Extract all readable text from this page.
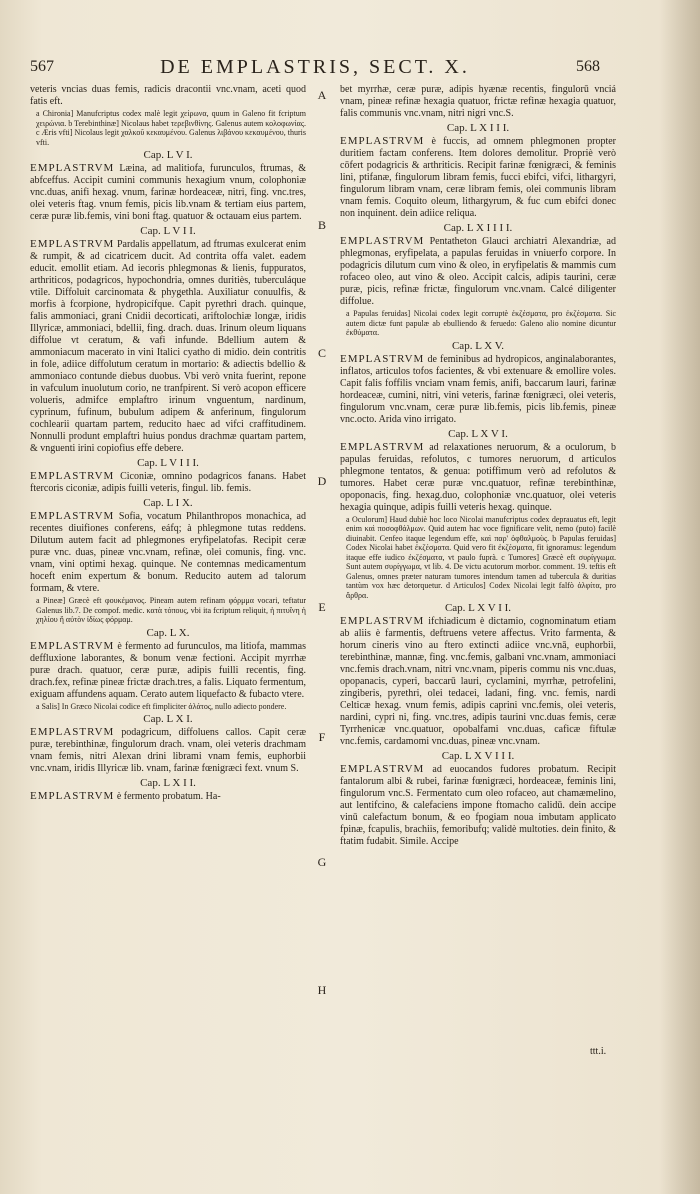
567	DE EMPLASTRIS, SECT. X.	568

veteris vncias duas femis, radicis dracontii vnc.vnam, aceti quod fatis eft.

a Chironia] Manufcriptus codex malè legit χείρωνα, quum in Galeno fit fcriptum χειρώνια. b Terebinthinæ] Nicolaus habet τερεβινθίνης. Galenus autem κολοφωνίας. c Æris vfti] Nicolaus legit χαλκοῦ κεκαυμένου. Galenus λιβάνου κεκαυμένου, thuris vfti.

Cap. L V I.

EMPLASTRVM Læina, ad malitiofa, furunculos, ftrumas, & abfceffus. Accipit cumini communis hexagium vnum, colophoniæ vnc.duas, anifi hexag. vnum, farinæ hordeaceæ, nitri, fing. vnc.tres, olei veteris ftag. vnum femis, picis lib.vnam & tertiam eius partem, ceræ puræ lib.femis, vini boni ftag. quatuor & octauam eius partem.

Cap. L V I I.

EMPLASTRVM Pardalis appellatum, ad ftrumas exulcerat enim & rumpit, & ad cicatricem ducit. Ad contrita offa valet. eadem educit. emollit etiam. Ad iecoris phlegmonas & lienis, fuppuratos, arthriticos, podagricos, hypochondria, omnes duritiès, tuberculáque vtile. Diffoluit carcinomata & phygethla. Auxiliatur conuulfis, & morfis à fcorpione, hydropicífque. Capit pyrethri drach. quinque, falis ammoniaci, grani Cnidii decorticati, ariftolochiæ longæ, iridis Illyricæ, ammoniaci, bdellii, fing. drach. duas. Irinum oleum liquans diffolue vt ceratum, & vafi infunde. Bdellium autem & ammoniacum macerato in vini Italici cyatho di midio. dein contritis in fole, adiice diffolutum ceratum in mortario: & adiectis bdellio & ammoniaco contunde diebus duobus. Vbi verò vnita fuerint, repone in vafculum inuolutum corio, ne tranfpirent. Si verò acopon efficere volueris, admifce emplaftro irinum vnguentum, nardinum, cyprinum, fufinum, bubulum adipem & anferinum, fingulorum cochlearii quartam partem, reducito haec ad vifci craffitudinem. Nonnulli produnt emplaftri huius pondus drachmæ quartam partem, & vnguenti irini copiofius effe debere.

Cap. L V I I I.

EMPLASTRVM Ciconiæ, omnino podagricos fanans. Habet ftercoris ciconiæ, adipis fuilli veteris, fingul. lib. femis.

Cap. L I X.

EMPLASTRVM Sofia, vocatum Philanthropos monachica, ad recentes diuifiones conferens, eáfq; à phlegmone tutas reddens. Dilutum autem facit ad phlegmones eryfipelatofas. Recipit ceræ puræ vnc. duas, pineæ vnc.vnam, refinæ, olei comunis, fing. vnc. vnam, vini optimi hexag. quinque. Ne contemnas medicamentum hoceft enim expertum & bonum. Reducito autem ad talorum formam, & vtere.

a Pineæ] Græcè eft φουκέμανος. Pineam autem refinam φόρμμα vocari, teftatur Galenus lib.7. De compof. medic. κατὰ τόπους, vbi ita fcriptum reliquit, ἡ πιτυΐνη ἡ χηλίου ἣ αὐτὸν ἰδίως φόρμαμ.

Cap. L X.

EMPLASTRVM è fermento ad furunculos, ma litiofa, mammas deffluxione laborantes, & bonum venæ fectioni. Accipit myrrhæ puræ drach. quatuor, ceræ puræ, adipis fuilli recentis, fing. drach.fex, refinæ pineæ frictæ drach.tres, a falis. Liquato fermentum, exiguam affundens aquam. Cerato autem liquefacto & fubacto vtere.

a Salis] In Græco Nicolai codice eft fimpliciter ἁλάτος, nullo adiecto pondere.

Cap. L X I.

EMPLASTRVM podagricum, diffoluens callos. Capit ceræ puræ, terebinthinæ, fingulorum drach. vnam, olei veteris drachmam vnam femis, nitri Alexan drini librami vnam femis, euphorbii vnc.vnam, iridis Illyricæ lib. vnam, farinæ fœnigræci fext. vnum S.

Cap. L X I I.

EMPLASTRVM è fermento probatum. Ha-

bet myrrhæ, ceræ puræ, adipis hyænæ recentis, fingulorū vnciá vnam, pineæ refinæ hexagia quatuor, frictæ refinæ hexagia quatuor, falis communis vnc.vnam, nitri nigri vnc.S.

Cap. L X I I I.

EMPLASTRVM è fuccis, ad omnem phlegmonen propter duritiem factam conferens. Item dolores demolitur. Propriè verò cōfert podagricis & arthriticis. Recipit farinæ fœnigræci, & feminis lini, ptifanæ, fingulorum libram femis, fucci ebifci, vifci, lithargyri, fingulorum libram vnam, ceræ libram femis, olei communis libram vnam femis. Coquito oleum, lithargyrum, & fuc cum ebifci donec non inquinent. dein adiice reliqua.

Cap. L X I I I I.

EMPLASTRVM Pentatheton Glauci archiatri Alexandriæ, ad phlegmonas, eryfipelata, a papulas feruidas in vniuerfo corpore. In podagricis dilutum cum vino & oleo, in eryfipelatis & mammis cum rofaceo oleo, aut vino & oleo. Accipit calcis, adipis taurini, ceræ puræ, picis, refinæ frictæ, fingulorum vnc.vnam. Calcé diligenter diffolue.

a Papulas feruidas] Nicolai codex legit corruptè ἐκζέσματα, pro ἐκζέσματα. Sic autem dictæ funt papulæ ab ebulliendo & feruedo: Galeno alio nomine dicuntur ἐκθύματα.

Cap. L X V.

EMPLASTRVM de feminibus ad hydropicos, anginalaborantes, inflatos, articulos tofos facientes, & vbi extenuare & emollire voles. Capit falis foffilis vnciam vnam femis, anifi, baccarum lauri, farinæ hordeaceæ, cumini, nitri, vini veteris, farinæ fœnigræci, olei veteris, fingulorum vnc.vnam, ceræ puræ lib.femis, picis lib.femis, pineæ vnc.octo. Arida vino irrigato.

Cap. L X V I.

EMPLASTRVM ad relaxationes neruorum, & a oculorum, b papulas feruidas, refolutos, c tumores neruorum, d articulos phlegmone tentatos, & genua: potiffimum verò ad refolutos & tumores. Habet ceræ puræ vnc.quatuor, refinæ terebinthinæ, opoponacis, fing. hexag.duo, colophoniæ vnc.quatuor, olei veteris hexagia quinque, adipis fuilli veteris hexag. quinque.

a Oculorum] Haud dubiè hoc loco Nicolai manufcriptus codex deprauatus eft, legit enim καὶ ποσοφθάλμων. Quid autem hac voce fignificare velit, nemo (puto) facilè diuinabit. Cenfeo itaque legendum effe, καὶ παρ' ὀφθαλμοὺς. b Papulas feruidas] Codex Nicolai habet ἐκζέσματα. Quid vero fit ἐκζέσματα, fit ignoramus: legendum itaque effe iudico ἐκζέσματα, vt paulo fuprà. c Tumores] Græcè eft συρίγγωμα. Sunt autem συρίγγωμα, vt lib. 4. De victu acutorum morbor. comment. 19. teftis eft Galenus, omnes præter naturam tumores intendum tamen ad tubercula & duritias tantùm vox hæc detorquetur. d Articulos] Codex Nicolai legit falfò ἀλφίτα, pro ἄρθρα.

Cap. L X V I I.

EMPLASTRVM ifchiadicum è dictamio, cognominatum etiam ab aliis è farmentis, deftruens vetere affectus. Vrito farmenta, & horum cineris vino au ftero extincti adiice vnc.vnā, euphorbii, terebinthinæ, mannæ, fing. vnc.femis, galbani vnc.vnam, ammoniaci vnc.femis drach.vnam, nitri vnc.vnam, piperis commu nis vnc.duas, opopanacis, cyperi, baccarū lauri, cyclamini, myrrhæ, petrofelini, zingiberis, pyrethri, olei tedacei, ladani, fing. vnc. femis, nardi Celticæ hexag. vnum femis, adipis caprini vnc.femis, olei veteris, nardini, cypri ni, fing. vnc.tres, adipis taurini vnc.duas femis, ceræ Tyrrhenicæ vnc.quatuor, opobalfami vnc.duas, caficæ fiftulæ vnc.femis, cardamomi vnc.duas, pineæ vnc.vnam.

Cap. L X V I I I.

EMPLASTRVM ad euocandos fudores probatum. Recipit fantalorum albi & rubei, farinæ fœnigræci, hordeaceæ, feminis lini, fingulorum vnc.S. Fermentato cum oleo rofaceo, aut chamæmelino, aut lentifcino, & calefaciens impone ftomacho calidū. dein accipe vinū calefactum bonum, & eo fpogiam noua imbutam applicato fpinæ, fcapulis, brachiis, femoribufq; validè multoties. dein finito, & ftatim fudabit. Simile. Accipe

A
B
C
D
E
F
G
H
ttt.i.
